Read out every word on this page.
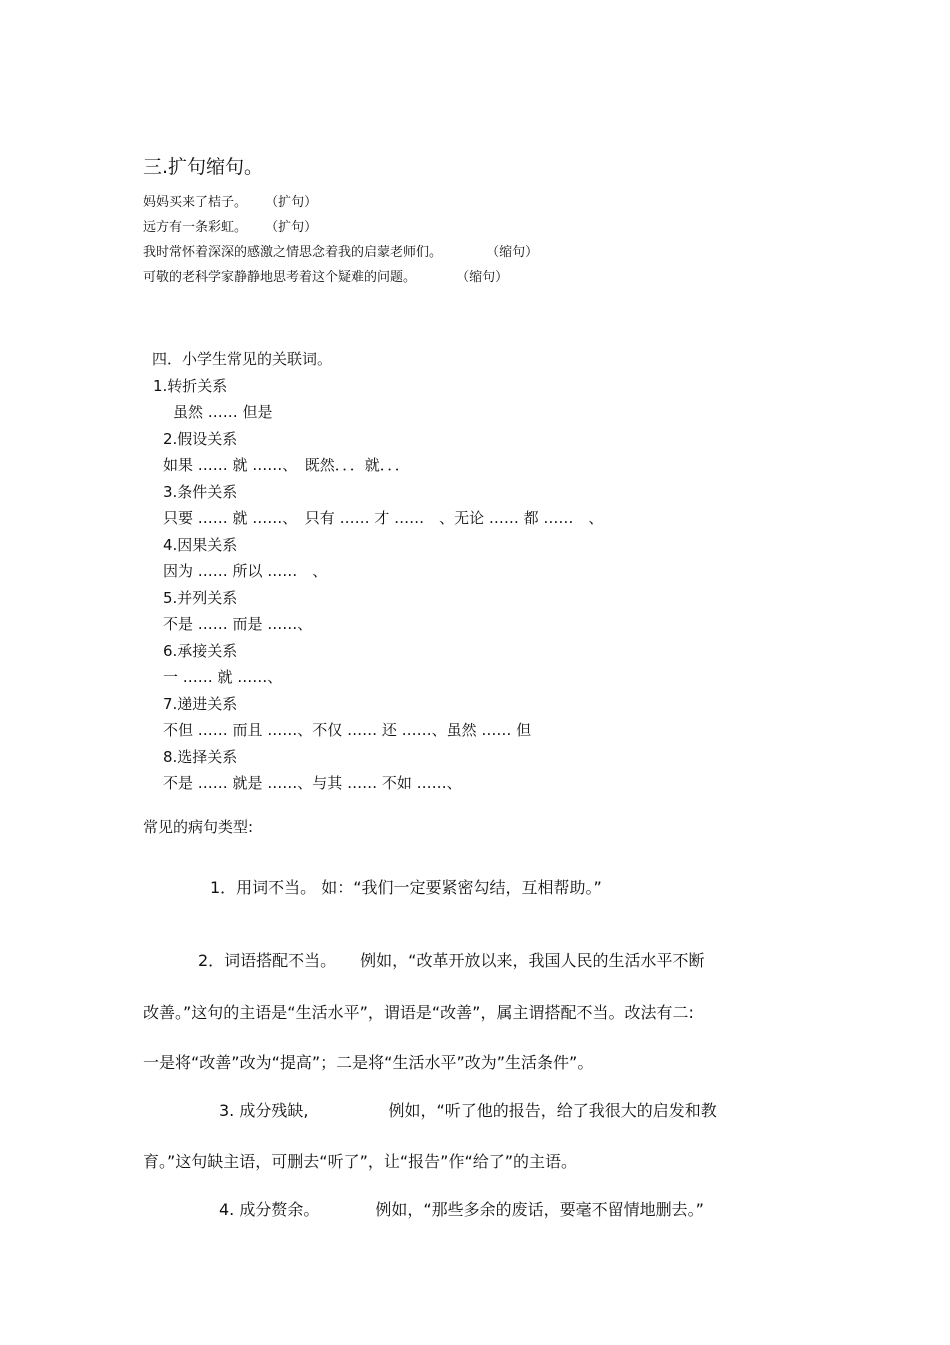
三.扩句缩句。
妈妈买来了桔子。 （扩句）
远方有一条彩虹。 （扩句）
我时常怀着深深的感激之情思念着我的启蒙老师们。	（缩句）
可敬的老科学家静静地思考着这个疑难的问题。	（缩句）
四．小学生常见的关联词。
1.转折关系
虽然 …… 但是
2.假设关系
如果 …… 就 ……、　既然．．．就．．．
3.条件关系
只要 …… 就 ……、　只有 …… 才 ……　、无论 …… 都 ……　、
4.因果关系
因为 …… 所以 ……　、
5.并列关系
不是 …… 而是 ……、
6.承接关系
一 …… 就 ……、
7.递进关系
不但 …… 而且 ……、不仅 …… 还 ……、虽然 …… 但
8.选择关系
不是 …… 就是 ……、与其 …… 不如 ……、
常见的病句类型:
1．用词不当。 如：“我们一定要紧密勾结，互相帮助。”
2．词语搭配不当。　　例如，“改革开放以来，我国人民的生活水平不断
改善。”这句的主语是“生活水平”，谓语是“改善”，属主谓搭配不当。改法有二:
一是将“改善”改为“提高”；二是将“生活水平”改为”生活条件”。
3. 成分残缺,　　　　　例如，“听了他的报告，给了我很大的启发和教
育。”这句缺主语，可删去“听了”，让“报告”作“给了”的主语。
4. 成分赘余。　　　　例如，“那些多余的废话，要毫不留情地删去。”
